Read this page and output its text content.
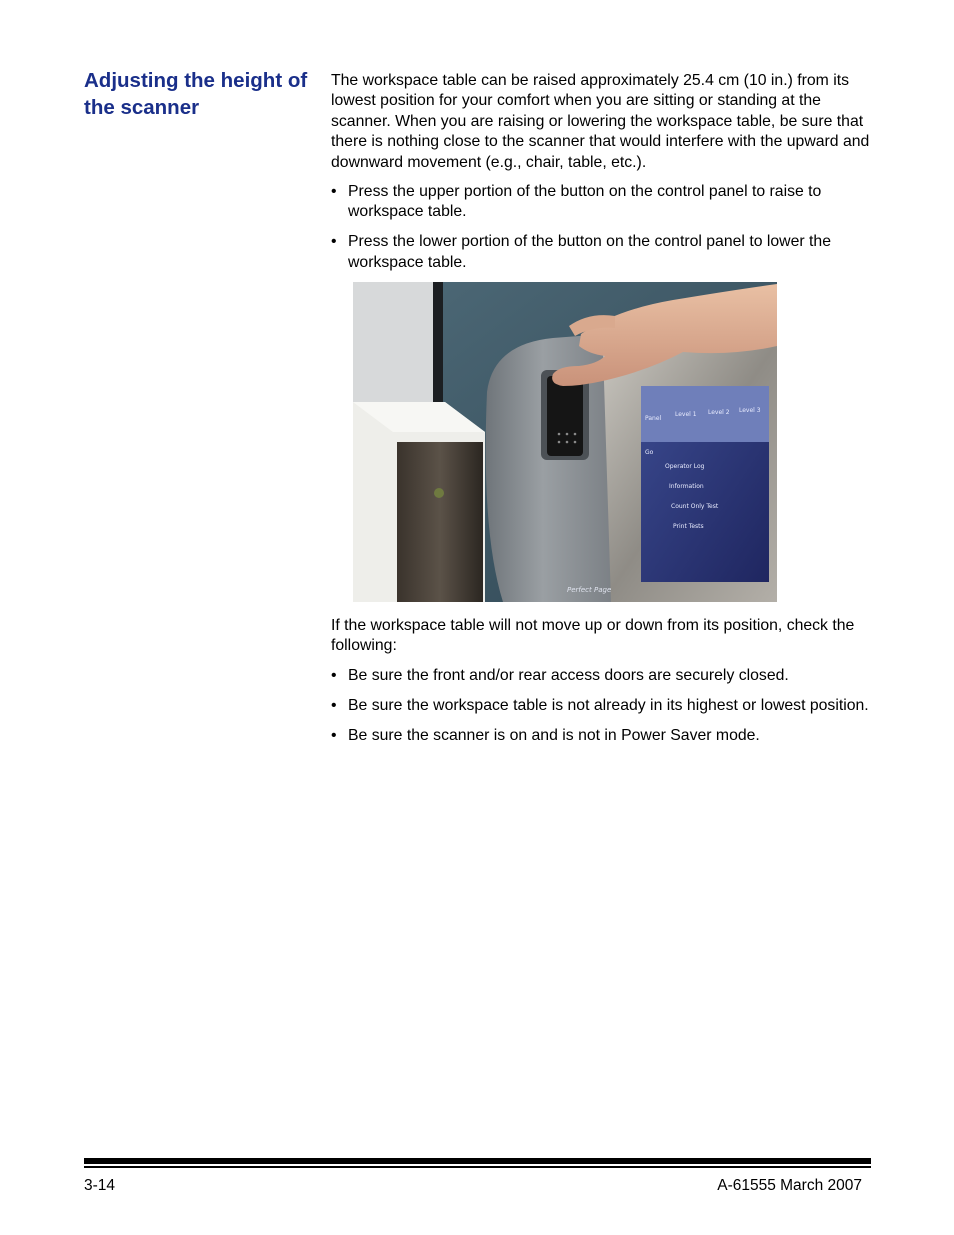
Adjusting the height of the scanner

The workspace table can be raised approximately 25.4 cm (10 in.) from its lowest position for your comfort when you are sitting or standing at the scanner. When you are raising or lowering the workspace table, be sure that there is nothing close to the scanner that would interfere with the upward and downward movement (e.g., chair, table, etc.).

• Press the upper portion of the button on the control panel to raise to workspace table.
• Press the lower portion of the button on the control panel to lower the workspace table.
Panel
Level 1 Level 2 Level 3
Go
Operator Log
Information
Count Only Test
Print Tests
Perfect Page

If the workspace table will not move up or down from its position, check the following:

• Be sure the front and/or rear access doors are securely closed.
• Be sure the workspace table is not already in its highest or lowest position.
• Be sure the scanner is on and is not in Power Saver mode.
3-14	A-61555 March 2007
